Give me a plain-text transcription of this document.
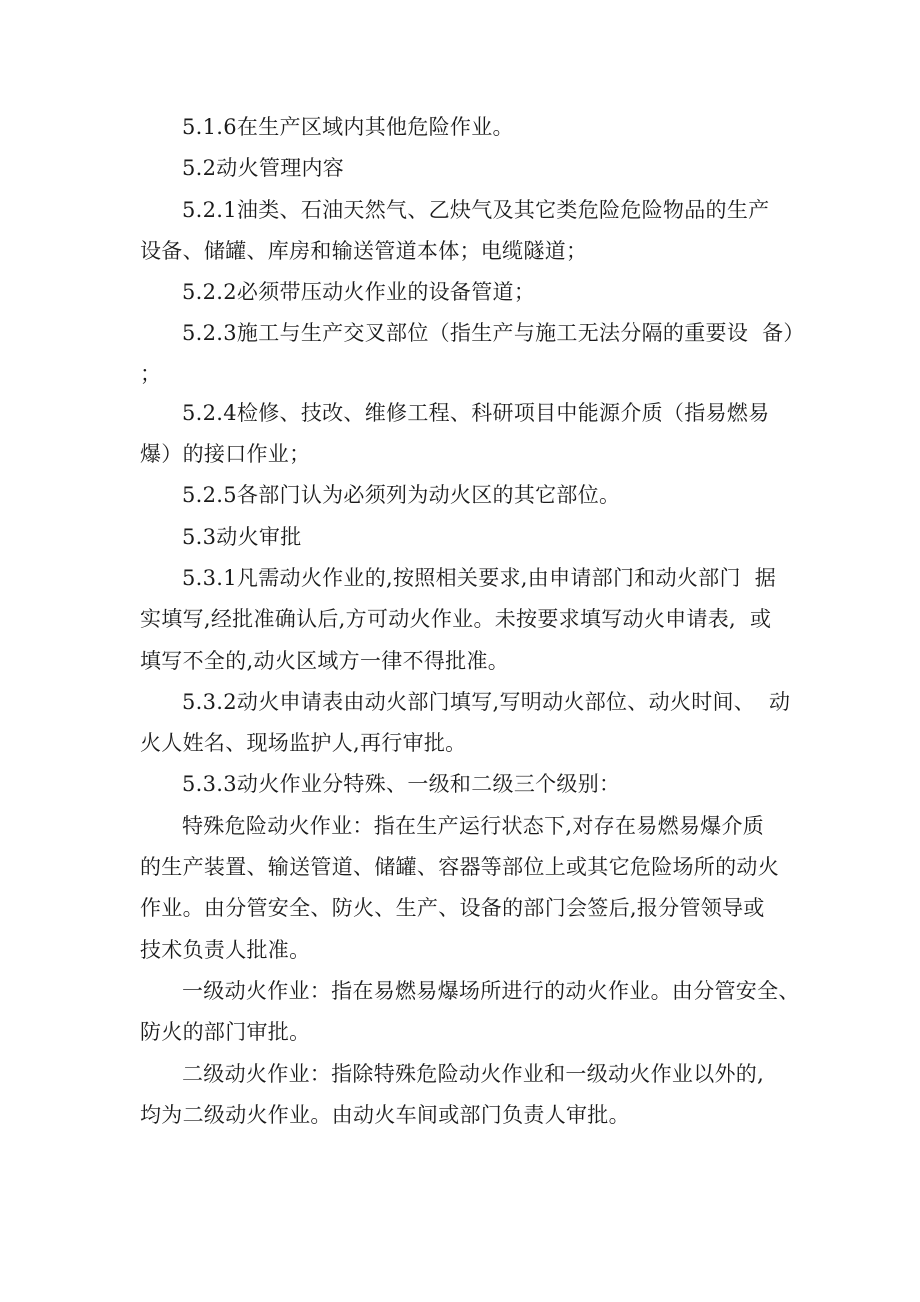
5.1.6在生产区域内其他危险作业。
5.2动火管理内容
5.2.1油类、石油天然气、乙炔气及其它类危险危险物品的生产
设备、储罐、库房和输送管道本体；电缆隧道；
5.2.2必须带压动火作业的设备管道；
5.2.3施工与生产交叉部位（指生产与施工无法分隔的重要设  备）
；
5.2.4检修、技改、维修工程、科研项目中能源介质（指易燃易
爆）的接口作业；
5.2.5各部门认为必须列为动火区的其它部位。
5.3动火审批
5.3.1凡需动火作业的,按照相关要求,由申请部门和动火部门  据
实填写,经批准确认后,方可动火作业。未按要求填写动火申请表,  或
填写不全的,动火区域方一律不得批准。
5.3.2动火申请表由动火部门填写,写明动火部位、动火时间、  动
火人姓名、现场监护人,再行审批。
5.3.3动火作业分特殊、一级和二级三个级别：
特殊危险动火作业：指在生产运行状态下,对存在易燃易爆介质
的生产装置、输送管道、储罐、容器等部位上或其它危险场所的动火
作业。由分管安全、防火、生产、设备的部门会签后,报分管领导或
技术负责人批准。
一级动火作业：指在易燃易爆场所进行的动火作业。由分管安全、
防火的部门审批。
二级动火作业：指除特殊危险动火作业和一级动火作业以外的,
均为二级动火作业。由动火车间或部门负责人审批。
